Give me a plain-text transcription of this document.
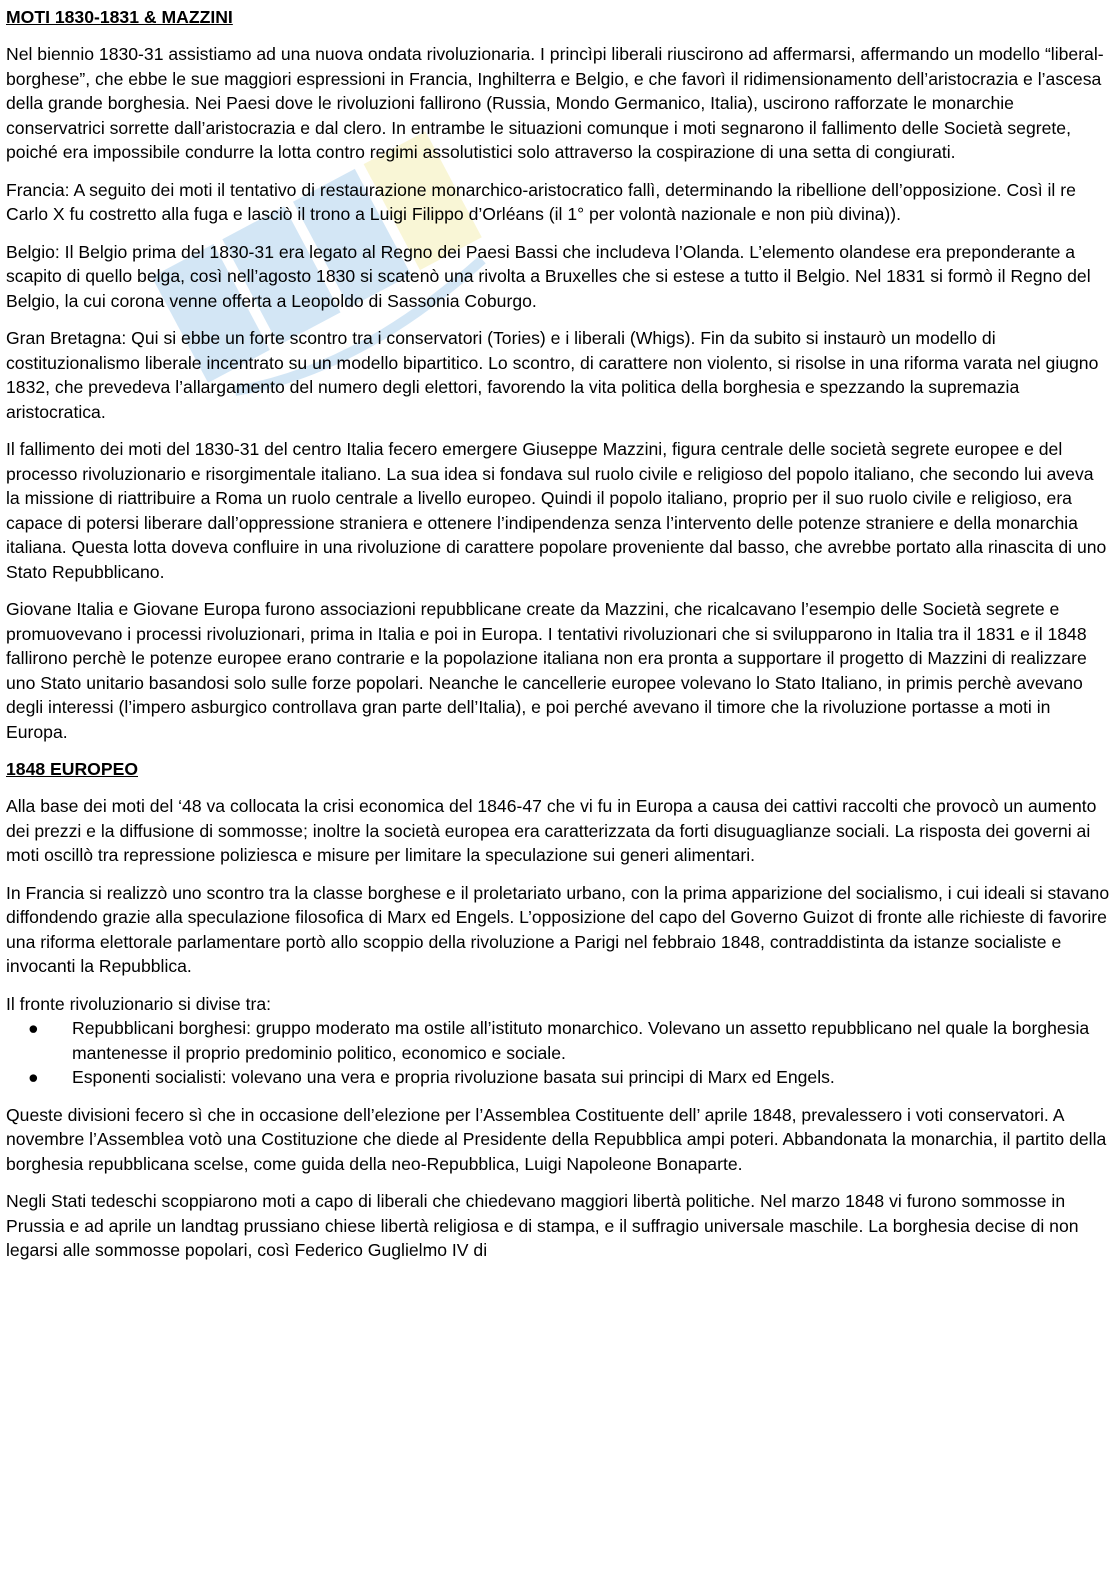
MOTI 1830-1831 & MAZZINI

Nel biennio 1830-31 assistiamo ad una nuova ondata rivoluzionaria. I princìpi liberali riuscirono ad affermarsi, affermando un modello “liberal-borghese”, che ebbe le sue maggiori espressioni in Francia, Inghilterra e Belgio, e che favorì il ridimensionamento dell’aristocrazia e l’ascesa della grande borghesia. Nei Paesi dove le rivoluzioni fallirono (Russia, Mondo Germanico, Italia), uscirono rafforzate le monarchie conservatrici sorrette dall’aristocrazia e dal clero. In entrambe le situazioni comunque i moti segnarono il fallimento delle Società segrete, poiché era impossibile condurre la lotta contro regimi assolutistici solo attraverso la cospirazione di una setta di congiurati.

Francia: A seguito dei moti il tentativo di restaurazione monarchico-aristocratico fallì, determinando la ribellione dell’opposizione. Così il re Carlo X fu costretto alla fuga e lasciò il trono a Luigi Filippo d’Orléans (il 1° per volontà nazionale e non più divina)).

Belgio: Il Belgio prima del 1830-31 era legato al Regno dei Paesi Bassi che includeva l’Olanda. L’elemento olandese era preponderante a scapito di quello belga, così nell’agosto 1830 si scatenò una rivolta a Bruxelles che si estese a tutto il Belgio. Nel 1831 si formò il Regno del Belgio, la cui corona venne offerta a Leopoldo di Sassonia Coburgo.

Gran Bretagna: Qui si ebbe un forte scontro tra i conservatori (Tories) e i liberali (Whigs). Fin da subito si instaurò un modello di costituzionalismo liberale incentrato su un modello bipartitico. Lo scontro, di carattere non violento, si risolse in una riforma varata nel giugno 1832, che prevedeva l’allargamento del numero degli elettori, favorendo la vita politica della borghesia e spezzando la supremazia aristocratica.

Il fallimento dei moti del 1830-31 del centro Italia fecero emergere Giuseppe Mazzini, figura centrale delle società segrete europee e del processo rivoluzionario e risorgimentale italiano. La sua idea si fondava sul ruolo civile e religioso del popolo italiano, che secondo lui aveva la missione di riattribuire a Roma un ruolo centrale a livello europeo. Quindi il popolo italiano, proprio per il suo ruolo civile e religioso, era capace di potersi liberare dall’oppressione straniera e ottenere l’indipendenza senza l’intervento delle potenze straniere e della monarchia italiana. Questa lotta doveva confluire in una rivoluzione di carattere popolare proveniente dal basso, che avrebbe portato alla rinascita di uno Stato Repubblicano.

Giovane Italia e Giovane Europa furono associazioni repubblicane create da Mazzini, che ricalcavano l’esempio delle Società segrete e promuovevano i processi rivoluzionari, prima in Italia e poi in Europa. I tentativi rivoluzionari che si svilupparono in Italia tra il 1831 e il 1848 fallirono perchè le potenze europee erano contrarie e la popolazione italiana non era pronta a supportare il progetto di Mazzini di realizzare uno Stato unitario basandosi solo sulle forze popolari. Neanche le cancellerie europee volevano lo Stato Italiano, in primis perchè avevano degli interessi (l’impero asburgico controllava gran parte dell’Italia), e poi perché avevano il timore che la rivoluzione portasse a moti in Europa.

1848 EUROPEO

Alla base dei moti del ‘48 va collocata la crisi economica del 1846-47 che vi fu in Europa a causa dei cattivi raccolti che provocò un aumento dei prezzi e la diffusione di sommosse; inoltre la società europea era caratterizzata da forti disuguaglianze sociali. La risposta dei governi ai moti oscillò tra repressione poliziesca e misure per limitare la speculazione sui generi alimentari.

In Francia si realizzò uno scontro tra la classe borghese e il proletariato urbano, con la prima apparizione del socialismo, i cui ideali si stavano diffondendo grazie alla speculazione filosofica di Marx ed Engels. L’opposizione del capo del Governo Guizot di fronte alle richieste di favorire una riforma elettorale parlamentare portò allo scoppio della rivoluzione a Parigi nel febbraio 1848, contraddistinta da istanze socialiste e invocanti la Repubblica.

Il fronte rivoluzionario si divise tra:

● Repubblicani borghesi: gruppo moderato ma ostile all’istituto monarchico. Volevano un assetto repubblicano nel quale la borghesia mantenesse il proprio predominio politico, economico e sociale.
● Esponenti socialisti: volevano una vera e propria rivoluzione basata sui principi di Marx ed Engels.

Queste divisioni fecero sì che in occasione dell’elezione per l’Assemblea Costituente dell’ aprile 1848, prevalessero i voti conservatori. A novembre l’Assemblea votò una Costituzione che diede al Presidente della Repubblica ampi poteri. Abbandonata la monarchia, il partito della borghesia repubblicana scelse, come guida della neo-Repubblica, Luigi Napoleone Bonaparte.

Negli Stati tedeschi scoppiarono moti a capo di liberali che chiedevano maggiori libertà politiche. Nel marzo 1848 vi furono sommosse in Prussia e ad aprile un landtag prussiano chiese libertà religiosa e di stampa, e il suffragio universale maschile. La borghesia decise di non legarsi alle sommosse popolari, così Federico Guglielmo IV di
